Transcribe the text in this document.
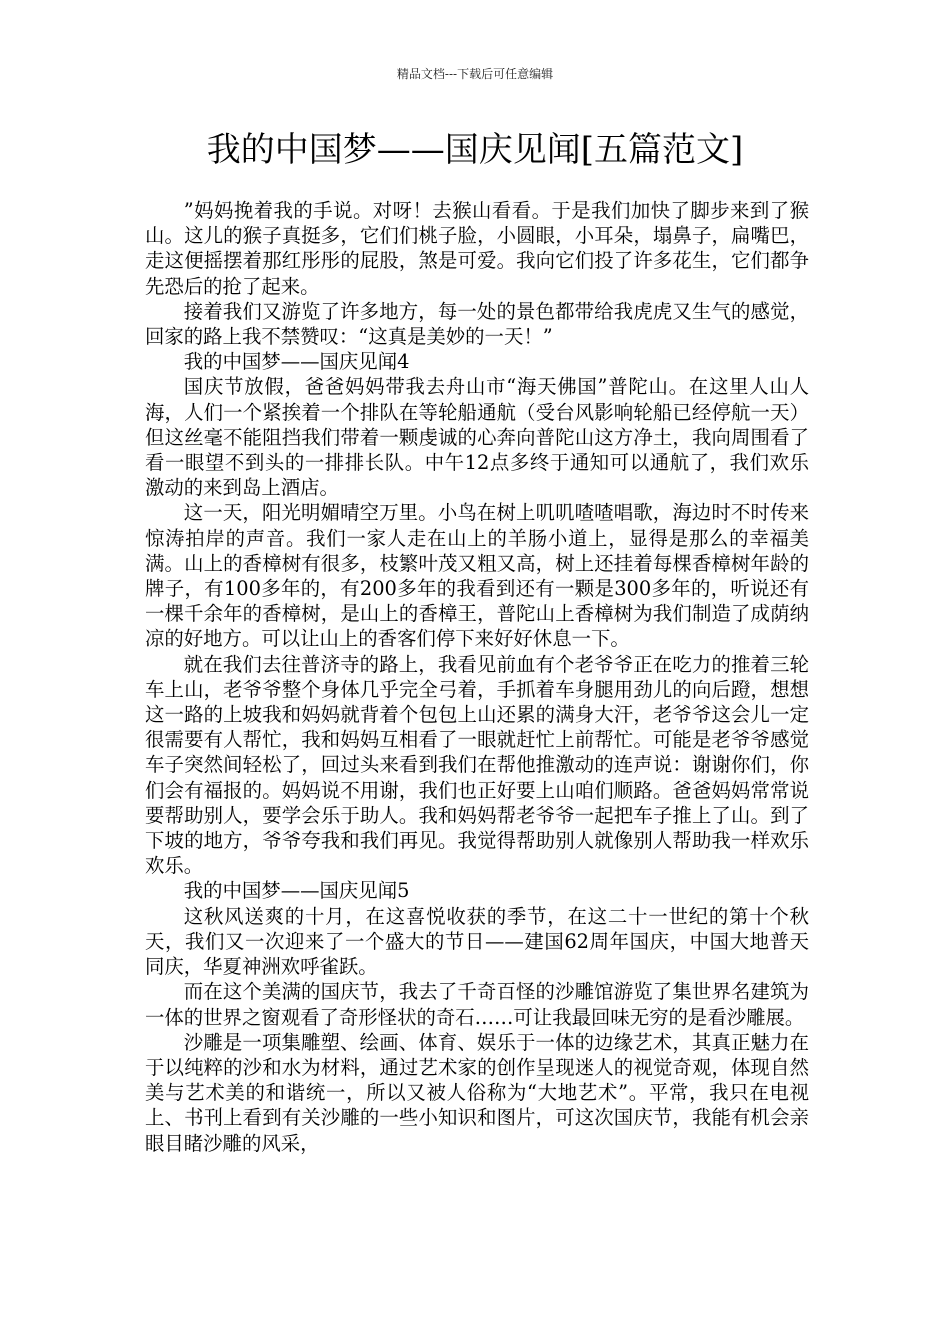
精品文档---下载后可任意编辑
我的中国梦——国庆见闻[五篇范文]

”妈妈挽着我的手说。对呀！去猴山看看。于是我们加快了脚步来到了猴山。这儿的猴子真挺多，它们们桃子脸，小圆眼，小耳朵，塌鼻子，扁嘴巴，走这便摇摆着那红彤彤的屁股，煞是可爱。我向它们投了许多花生，它们都争先恐后的抢了起来。

接着我们又游览了许多地方，每一处的景色都带给我虎虎又生气的感觉，回家的路上我不禁赞叹：“这真是美妙的一天！”

我的中国梦——国庆见闻4

国庆节放假，爸爸妈妈带我去舟山市“海天佛国”普陀山。在这里人山人海，人们一个紧挨着一个排队在等轮船通航（受台风影响轮船已经停航一天）但这丝毫不能阻挡我们带着一颗虔诚的心奔向普陀山这方净土，我向周围看了看一眼望不到头的一排排长队。中午12点多终于通知可以通航了，我们欢乐激动的来到岛上酒店。

这一天，阳光明媚晴空万里。小鸟在树上叽叽喳喳唱歌，海边时不时传来惊涛拍岸的声音。我们一家人走在山上的羊肠小道上，显得是那么的幸福美满。山上的香樟树有很多，枝繁叶茂又粗又高，树上还挂着每棵香樟树年龄的牌子，有100多年的，有200多年的我看到还有一颗是300多年的，听说还有一棵千余年的香樟树，是山上的香樟王，普陀山上香樟树为我们制造了成荫纳凉的好地方。可以让山上的香客们停下来好好休息一下。

就在我们去往普济寺的路上，我看见前血有个老爷爷正在吃力的推着三轮车上山，老爷爷整个身体几乎完全弓着，手抓着车身腿用劲儿的向后蹬，想想这一路的上坡我和妈妈就背着个包包上山还累的满身大汗，老爷爷这会儿一定很需要有人帮忙，我和妈妈互相看了一眼就赶忙上前帮忙。可能是老爷爷感觉车子突然间轻松了，回过头来看到我们在帮他推激动的连声说：谢谢你们，你们会有福报的。妈妈说不用谢，我们也正好要上山咱们顺路。爸爸妈妈常常说要帮助别人，要学会乐于助人。我和妈妈帮老爷爷一起把车子推上了山。到了下坡的地方，爷爷夸我和我们再见。我觉得帮助别人就像别人帮助我一样欢乐欢乐。

我的中国梦——国庆见闻5

这秋风送爽的十月，在这喜悦收获的季节，在这二十一世纪的第十个秋天，我们又一次迎来了一个盛大的节日——建国62周年国庆，中国大地普天同庆，华夏神洲欢呼雀跃。

而在这个美满的国庆节，我去了千奇百怪的沙雕馆游览了集世界名建筑为一体的世界之窗观看了奇形怪状的奇石……可让我最回味无穷的是看沙雕展。

沙雕是一项集雕塑、绘画、体育、娱乐于一体的边缘艺术，其真正魅力在于以纯粹的沙和水为材料，通过艺术家的创作呈现迷人的视觉奇观，体现自然美与艺术美的和谐统一，所以又被人俗称为“大地艺术”。平常，我只在电视上、书刊上看到有关沙雕的一些小知识和图片，可这次国庆节，我能有机会亲眼目睹沙雕的风采，
